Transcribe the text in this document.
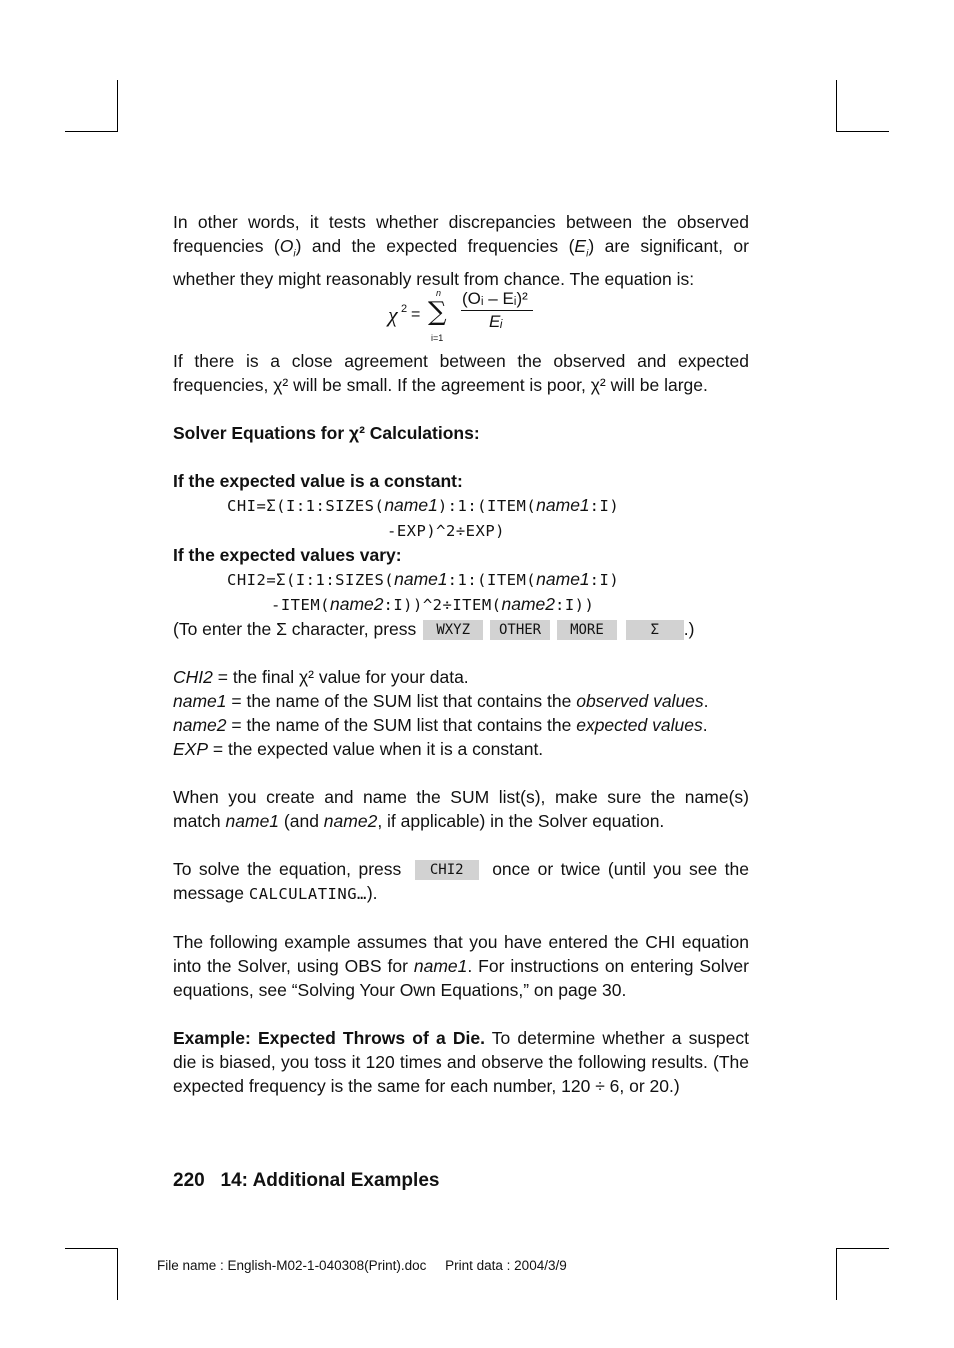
In other words, it tests whether discrepancies between the observed frequencies $(O_i)$ and the expected frequencies $(E_i)$ are significant, or whether they might reasonably result from chance. The equation is:

χ 2 =
n
∑
i=1
(Oᵢ – Eᵢ)²
Eᵢ

If there is a close agreement between the observed and expected frequencies, χ² will be small. If the agreement is poor, χ² will be large.

Solver Equations for χ² Calculations:

If the expected value is a constant:

CHI=Σ(I:1:SIZES(name1):1:(ITEM(name1:I)

-EXP)^2÷EXP)

If the expected values vary:

CHI2=Σ(I:1:SIZES(name1:1:(ITEM(name1:I)

-ITEM(name2:I))^2÷ITEM(name2:I))

(To enter the Σ character, press WXYZ OTHER MORE	Σ .)

CHI2 = the final χ² value for your data.

name1 = the name of the SUM list that contains the observed values.

name2 = the name of the SUM list that contains the expected values.

EXP = the expected value when it is a constant.

When you create and name the SUM list(s), make sure the name(s) match name1 (and name2, if applicable) in the Solver equation.

To solve the equation, press CHI2 once or twice (until you see the message CALCULATING…).

The following example assumes that you have entered the CHI equation into the Solver, using OBS for name1. For instructions on entering Solver equations, see “Solving Your Own Equations,” on page 30.

Example: Expected Throws of a Die. To determine whether a suspect die is biased, you toss it 120 times and observe the following results. (The expected frequency is the same for each number, 120 ÷ 6, or 20.)

220 14: Additional Examples
File name : English-M02-1-040308(Print).doc Print data : 2004/3/9
